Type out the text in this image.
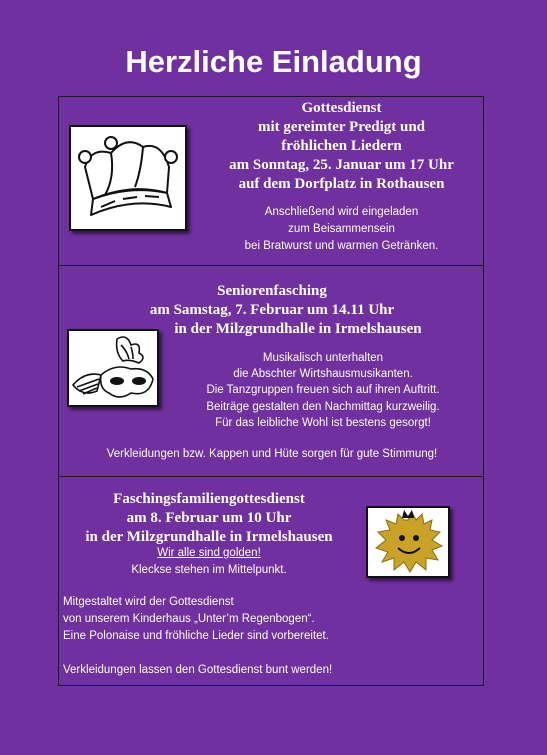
Herzliche Einladung
Gottesdienst
mit gereimter Predigt und
fröhlichen Liedern
am Sonntag, 25. Januar um 17 Uhr
auf dem Dorfplatz in Rothausen
Anschließend wird eingeladen
zum Beisammensein
bei Bratwurst und warmen Getränken.
Seniorenfasching
am Samstag, 7. Februar um 14.11 Uhr
in der Milzgrundhalle in Irmelshausen
Musikalisch unterhalten
die Abschter Wirtshausmusikanten.
Die Tanzgruppen freuen sich auf ihren Auftritt.
Beiträge gestalten den Nachmittag kurzweilig.
Für das leibliche Wohl ist bestens gesorgt!
Verkleidungen bzw. Kappen und Hüte sorgen für gute Stimmung!
Faschingsfamiliengottesdienst
am 8. Februar um 10 Uhr
in der Milzgrundhalle in Irmelshausen
Wir alle sind golden!
Kleckse stehen im Mittelpunkt.
Mitgestaltet wird der Gottesdienst
von unserem Kinderhaus „Unter’m Regenbogen“.
Eine Polonaise und fröhliche Lieder sind vorbereitet.

Verkleidungen lassen den Gottesdienst bunt werden!
